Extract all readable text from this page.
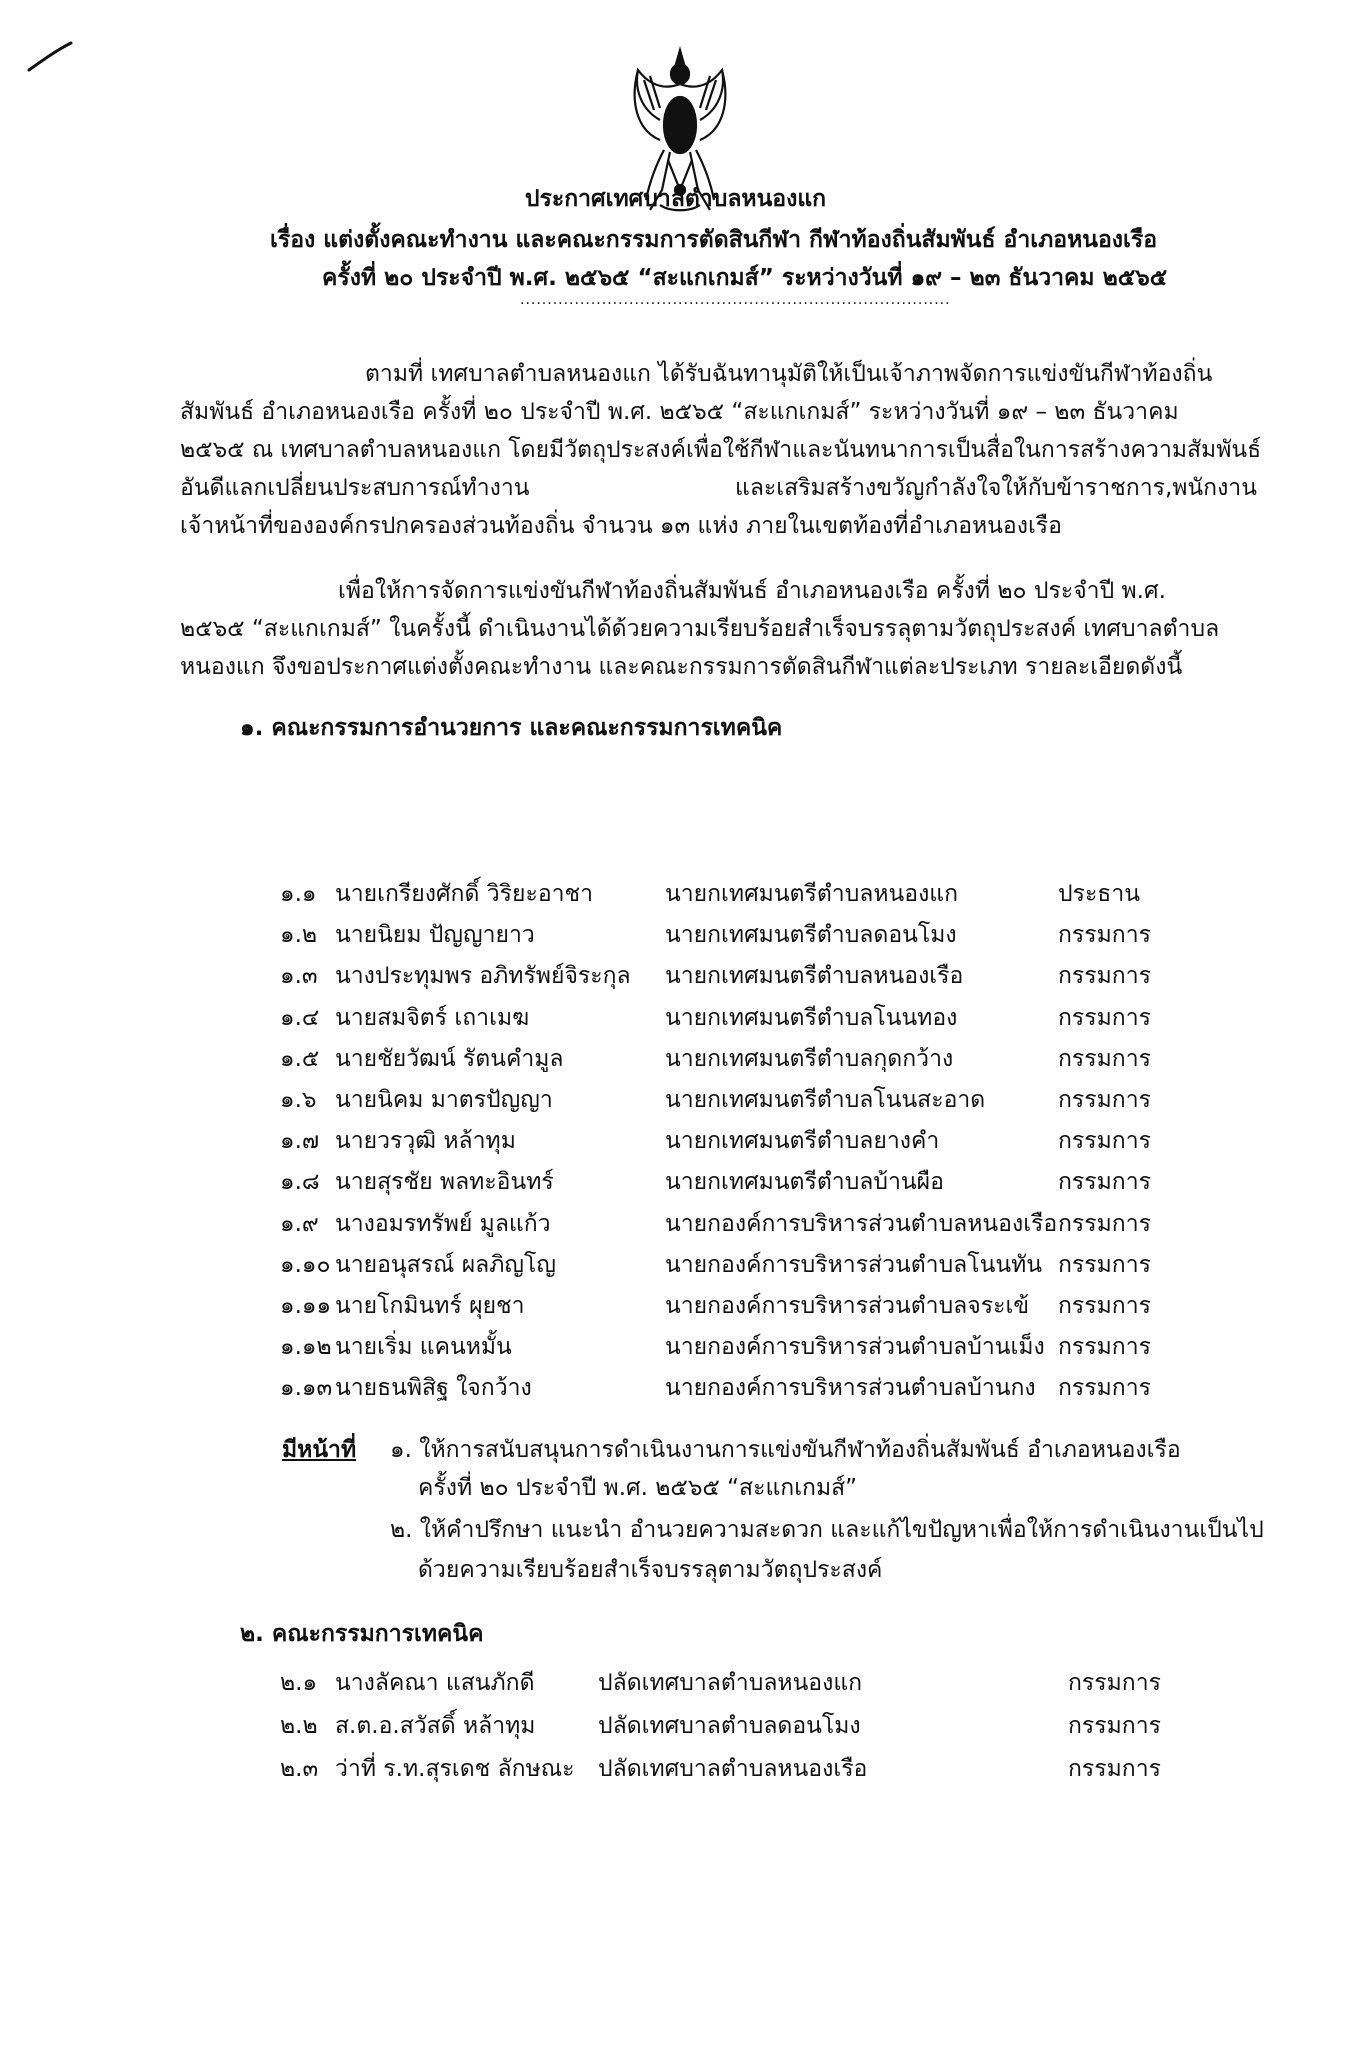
ประกาศเทศบาลตำบลหนองแก
เรื่อง แต่งตั้งคณะทำงาน และคณะกรรมการตัดสินกีฬา กีฬาท้องถิ่นสัมพันธ์ อำเภอหนองเรือ
ครั้งที่ ๒๐ ประจำปี พ.ศ. ๒๕๖๕ “สะแกเกมส์” ระหว่างวันที่ ๑๙ – ๒๓ ธันวาคม ๒๕๖๕
...............................................................................
ตามที่ เทศบาลตำบลหนองแก ได้รับฉันทานุมัติให้เป็นเจ้าภาพจัดการแข่งขันกีฬาท้องถิ่น
สัมพันธ์ อำเภอหนองเรือ ครั้งที่ ๒๐ ประจำปี พ.ศ. ๒๕๖๕ “สะแกเกมส์” ระหว่างวันที่ ๑๙ – ๒๓ ธันวาคม
๒๕๖๕ ณ เทศบาลตำบลหนองแก โดยมีวัตถุประสงค์เพื่อใช้กีฬาและนันทนาการเป็นสื่อในการสร้างความสัมพันธ์
อันดีแลกเปลี่ยนประสบการณ์ทำงาน	และเสริมสร้างขวัญกำลังใจให้กับข้าราชการ,พนักงาน
เจ้าหน้าที่ขององค์กรปกครองส่วนท้องถิ่น จำนวน ๑๓ แห่ง ภายในเขตท้องที่อำเภอหนองเรือ
เพื่อให้การจัดการแข่งขันกีฬาท้องถิ่นสัมพันธ์ อำเภอหนองเรือ ครั้งที่ ๒๐ ประจำปี พ.ศ.
๒๕๖๕ “สะแกเกมส์” ในครั้งนี้ ดำเนินงานได้ด้วยความเรียบร้อยสำเร็จบรรลุตามวัตถุประสงค์ เทศบาลตำบล
หนองแก จึงขอประกาศแต่งตั้งคณะทำงาน และคณะกรรมการตัดสินกีฬาแต่ละประเภท รายละเอียดดังนี้
๑. คณะกรรมการอำนวยการ และคณะกรรมการเทคนิค
๑.๑ นายเกรียงศักดิ์ วิริยะอาชา	นายกเทศมนตรีตำบลหนองแก	ประธาน
๑.๒ นายนิยม ปัญญายาว	นายกเทศมนตรีตำบลดอนโมง	กรรมการ
๑.๓ นางประทุมพร อภิทรัพย์จิระกุล นายกเทศมนตรีตำบลหนองเรือ	กรรมการ
๑.๔ นายสมจิตร์ เถาเมฆ	นายกเทศมนตรีตำบลโนนทอง	กรรมการ
๑.๕ นายชัยวัฒน์ รัตนคำมูล	นายกเทศมนตรีตำบลกุดกว้าง	กรรมการ
๑.๖ นายนิคม มาตรปัญญา	นายกเทศมนตรีตำบลโนนสะอาด	กรรมการ
๑.๗ นายวรวุฒิ หล้าทุม	นายกเทศมนตรีตำบลยางคำ	กรรมการ
๑.๘ นายสุรชัย พลทะอินทร์	นายกเทศมนตรีตำบลบ้านผือ	กรรมการ
๑.๙ นางอมรทรัพย์ มูลแก้ว	นายกองค์การบริหารส่วนตำบลหนองเรือ กรรมการ
๑.๑๐ นายอนุสรณ์ ผลภิญโญ	นายกองค์การบริหารส่วนตำบลโนนทัน กรรมการ
๑.๑๑ นายโกมินทร์ ผุยชา	นายกองค์การบริหารส่วนตำบลจระเข้ กรรมการ
๑.๑๒ นายเริ่ม แคนหมั้น	นายกองค์การบริหารส่วนตำบลบ้านเม็ง กรรมการ
๑.๑๓ นายธนพิสิฐ ใจกว้าง	นายกองค์การบริหารส่วนตำบลบ้านกง กรรมการ
มีหน้าที่ ๑. ให้การสนับสนุนการดำเนินงานการแข่งขันกีฬาท้องถิ่นสัมพันธ์ อำเภอหนองเรือ
ครั้งที่ ๒๐ ประจำปี พ.ศ. ๒๕๖๕ “สะแกเกมส์”
๒. ให้คำปรึกษา แนะนำ อำนวยความสะดวก และแก้ไขปัญหาเพื่อให้การดำเนินงานเป็นไป
ด้วยความเรียบร้อยสำเร็จบรรลุตามวัตถุประสงค์
๒. คณะกรรมการเทคนิค
๒.๑ นางลัคณา แสนภักดี	ปลัดเทศบาลตำบลหนองแก	กรรมการ
๒.๒ ส.ต.อ.สวัสดิ์ หล้าทุม	ปลัดเทศบาลตำบลดอนโมง	กรรมการ
๒.๓ ว่าที่ ร.ท.สุรเดช ลักษณะ ปลัดเทศบาลตำบลหนองเรือ	กรรมการ
